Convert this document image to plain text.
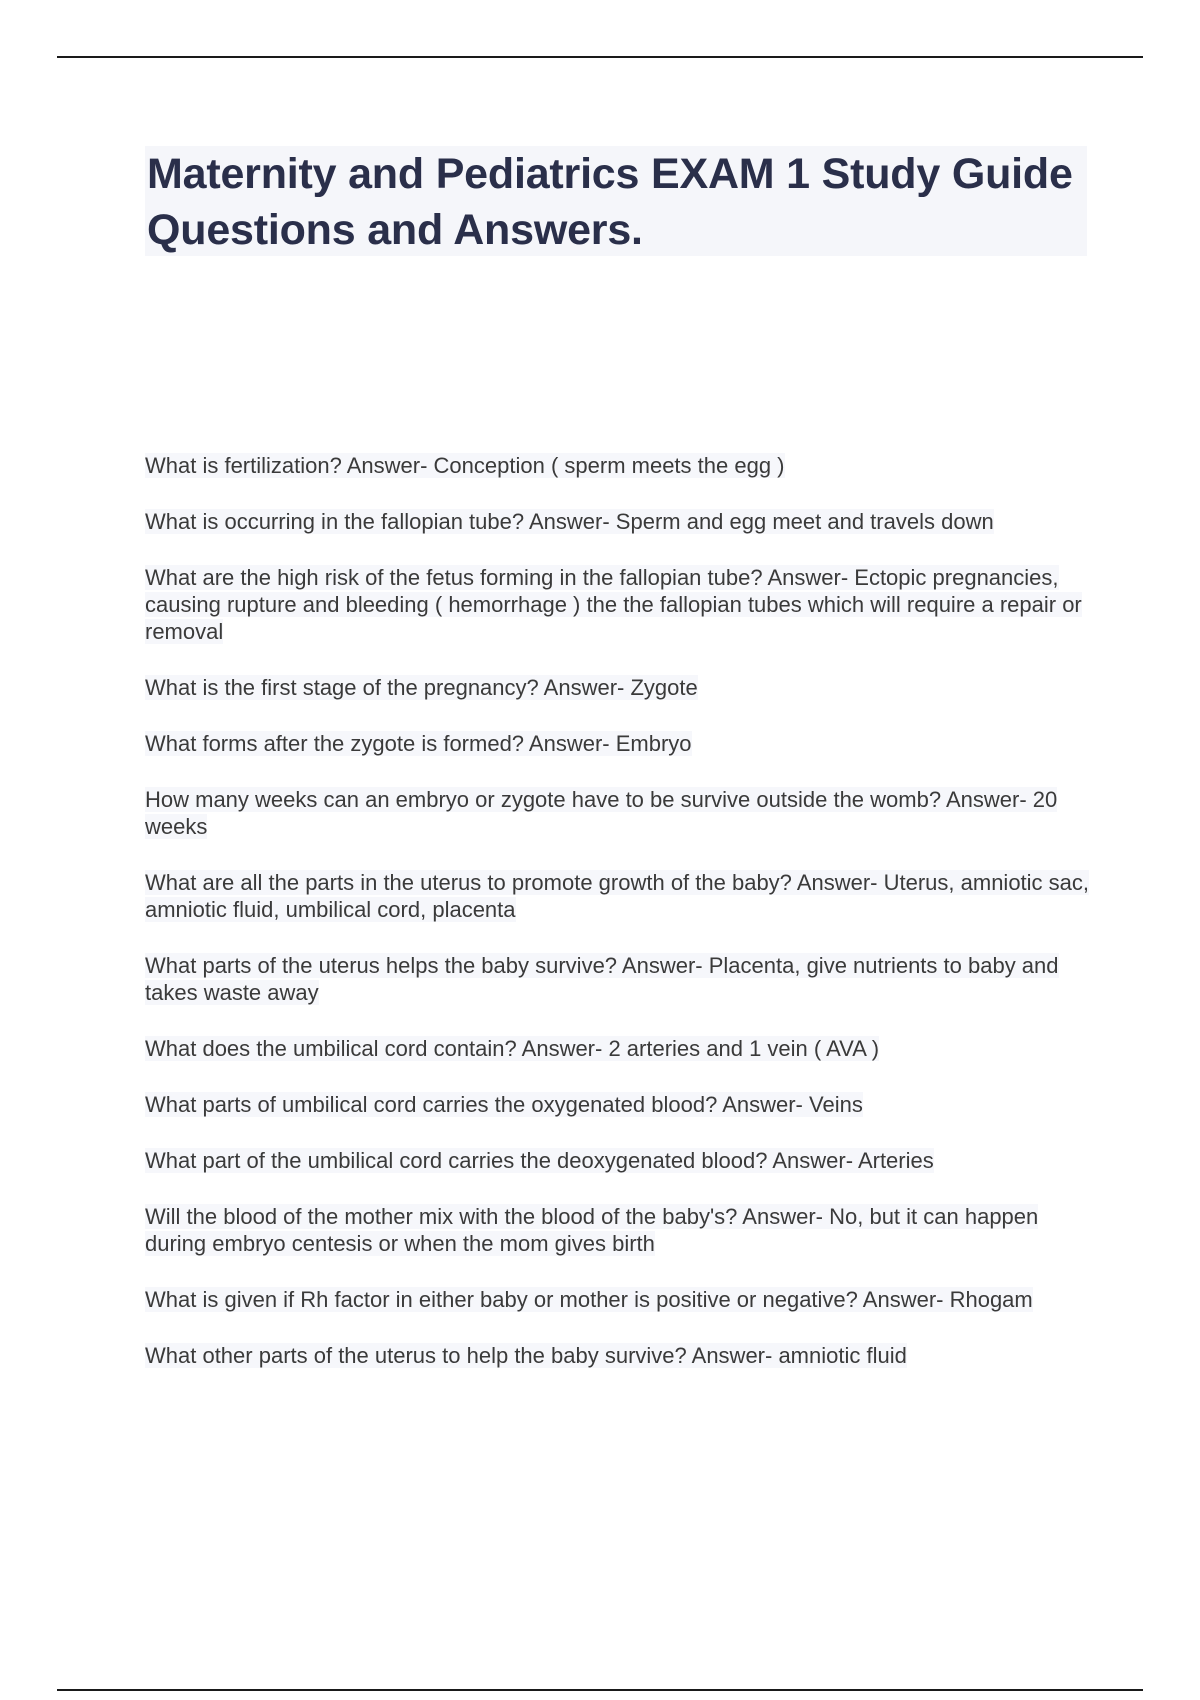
Maternity and Pediatrics EXAM 1 Study Guide Questions and Answers.

What is fertilization? Answer- Conception ( sperm meets the egg )

What is occurring in the fallopian tube? Answer- Sperm and egg meet and travels down

What are the high risk of the fetus forming in the fallopian tube? Answer- Ectopic pregnancies, causing rupture and bleeding ( hemorrhage ) the the fallopian tubes which will require a repair or removal

What is the first stage of the pregnancy? Answer- Zygote

What forms after the zygote is formed? Answer- Embryo

How many weeks can an embryo or zygote have to be survive outside the womb? Answer- 20 weeks

What are all the parts in the uterus to promote growth of the baby? Answer- Uterus, amniotic sac, amniotic fluid, umbilical cord, placenta

What parts of the uterus helps the baby survive? Answer- Placenta, give nutrients to baby and takes waste away

What does the umbilical cord contain? Answer- 2 arteries and 1 vein ( AVA )

What parts of umbilical cord carries the oxygenated blood? Answer- Veins

What part of the umbilical cord carries the deoxygenated blood? Answer- Arteries

Will the blood of the mother mix with the blood of the baby's? Answer- No, but it can happen during embryo centesis or when the mom gives birth

What is given if Rh factor in either baby or mother is positive or negative? Answer- Rhogam

What other parts of the uterus to help the baby survive? Answer- amniotic fluid
